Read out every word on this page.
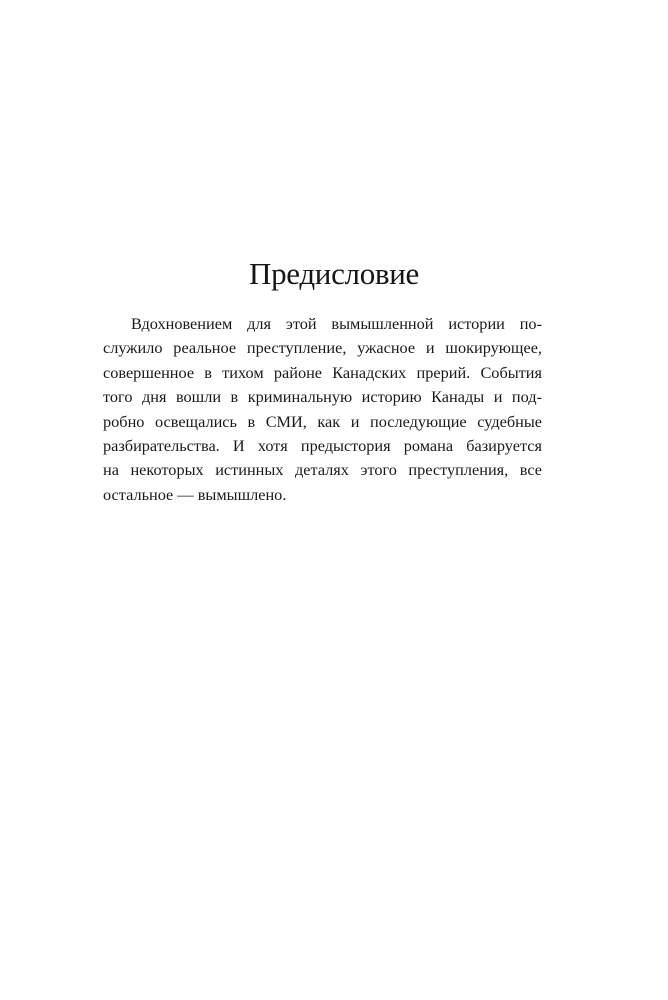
Предисловие

Вдохновением для этой вымышленной истории по-
служило реальное преступление, ужасное и шокирующее,
совершенное в тихом районе Канадских прерий. События
того дня вошли в криминальную историю Канады и под-
робно освещались в СМИ, как и последующие судебные
разбирательства. И хотя предыстория романа базируется
на некоторых истинных деталях этого преступления, все
остальное — вымышлено.
